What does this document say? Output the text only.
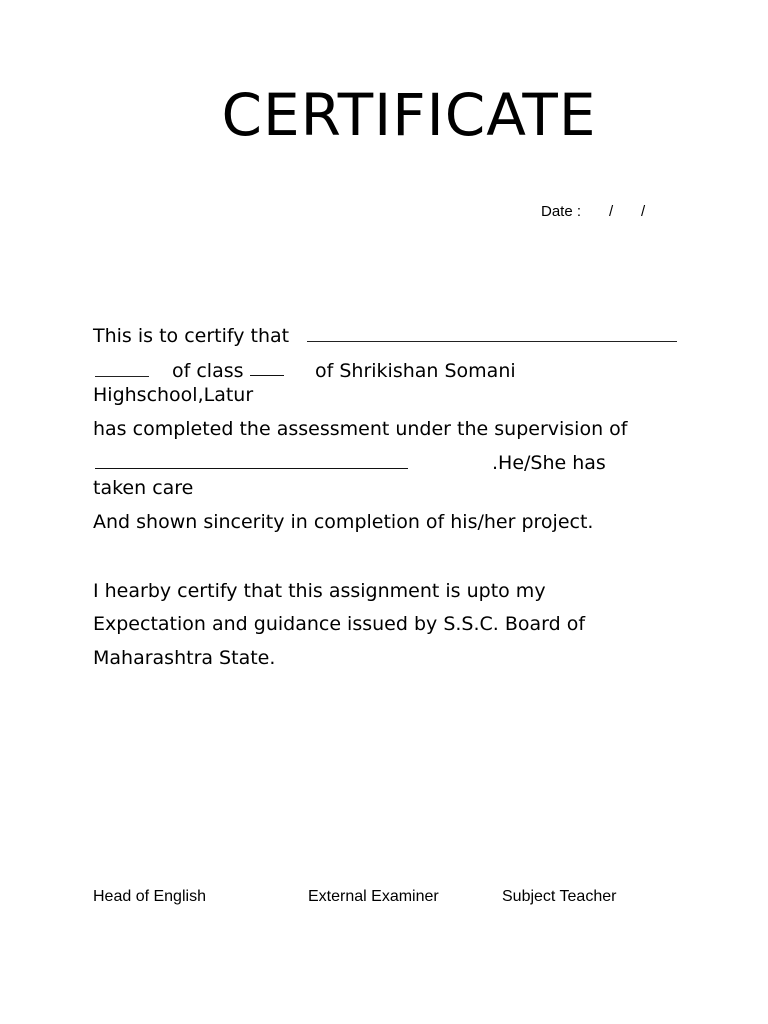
CERTIFICATE
Date : / /
This is to certify that
of class	of Shrikishan Somani
Highschool,Latur
has completed the assessment under the supervision of
.He/She has
taken care
And shown sincerity in completion of his/her project.
I hearby certify that this assignment is upto my
Expectation and guidance issued by S.S.C. Board of
Maharashtra State.
Head of English	External Examiner	Subject Teacher
